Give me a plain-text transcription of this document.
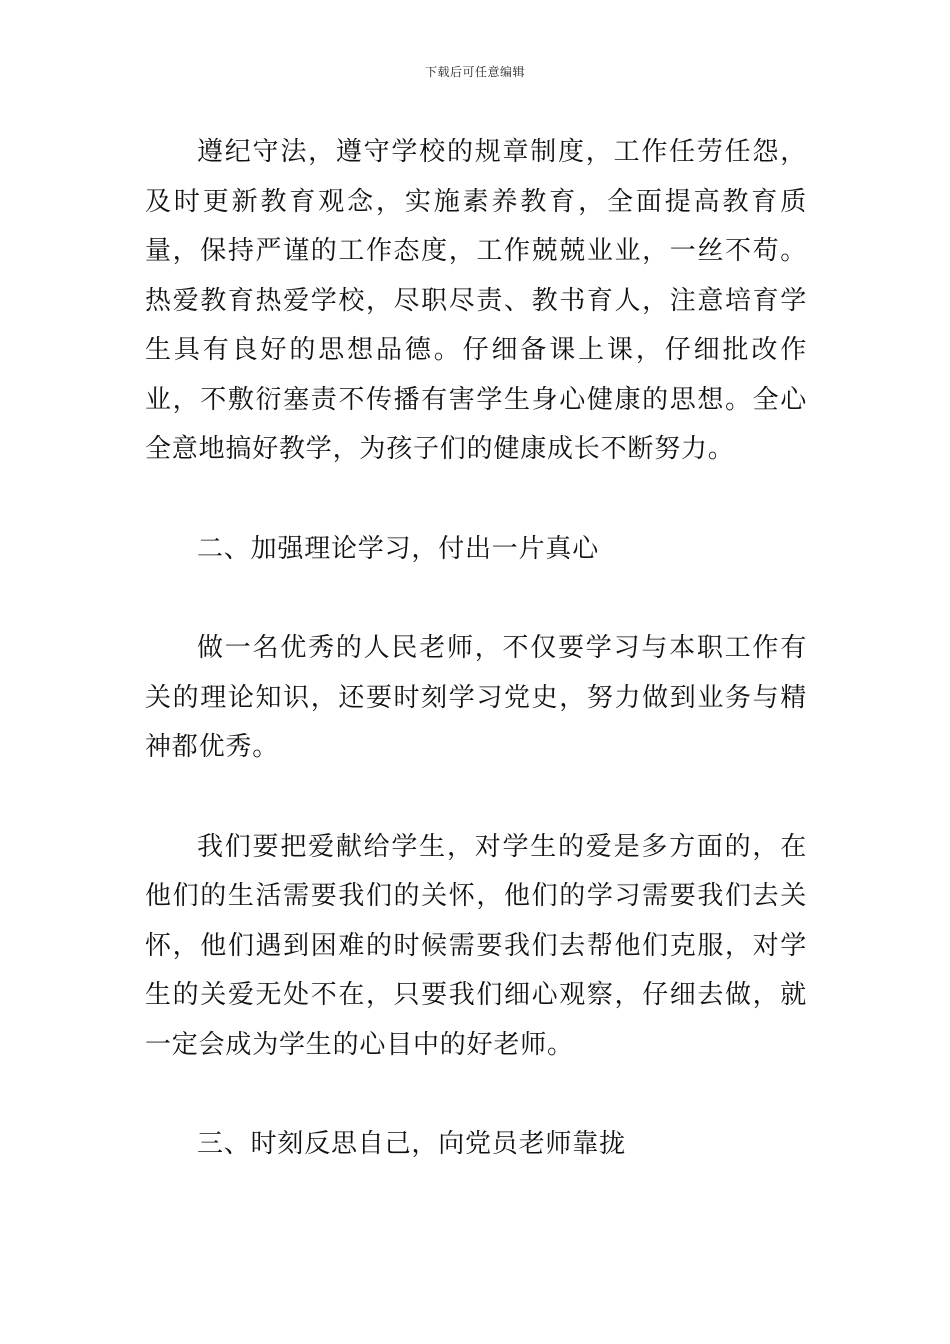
下载后可任意编辑

遵纪守法，遵守学校的规章制度，工作任劳任怨，及时更新教育观念，实施素养教育，全面提高教育质量，保持严谨的工作态度，工作兢兢业业，一丝不苟。热爱教育热爱学校，尽职尽责、教书育人，注意培育学生具有良好的思想品德。仔细备课上课，仔细批改作业，不敷衍塞责不传播有害学生身心健康的思想。全心全意地搞好教学，为孩子们的健康成长不断努力。

二、加强理论学习，付出一片真心

做一名优秀的人民老师，不仅要学习与本职工作有关的理论知识，还要时刻学习党史，努力做到业务与精神都优秀。

我们要把爱献给学生，对学生的爱是多方面的，在他们的生活需要我们的关怀，他们的学习需要我们去关怀，他们遇到困难的时候需要我们去帮他们克服，对学生的关爱无处不在，只要我们细心观察，仔细去做，就一定会成为学生的心目中的好老师。

三、时刻反思自己，向党员老师靠拢
